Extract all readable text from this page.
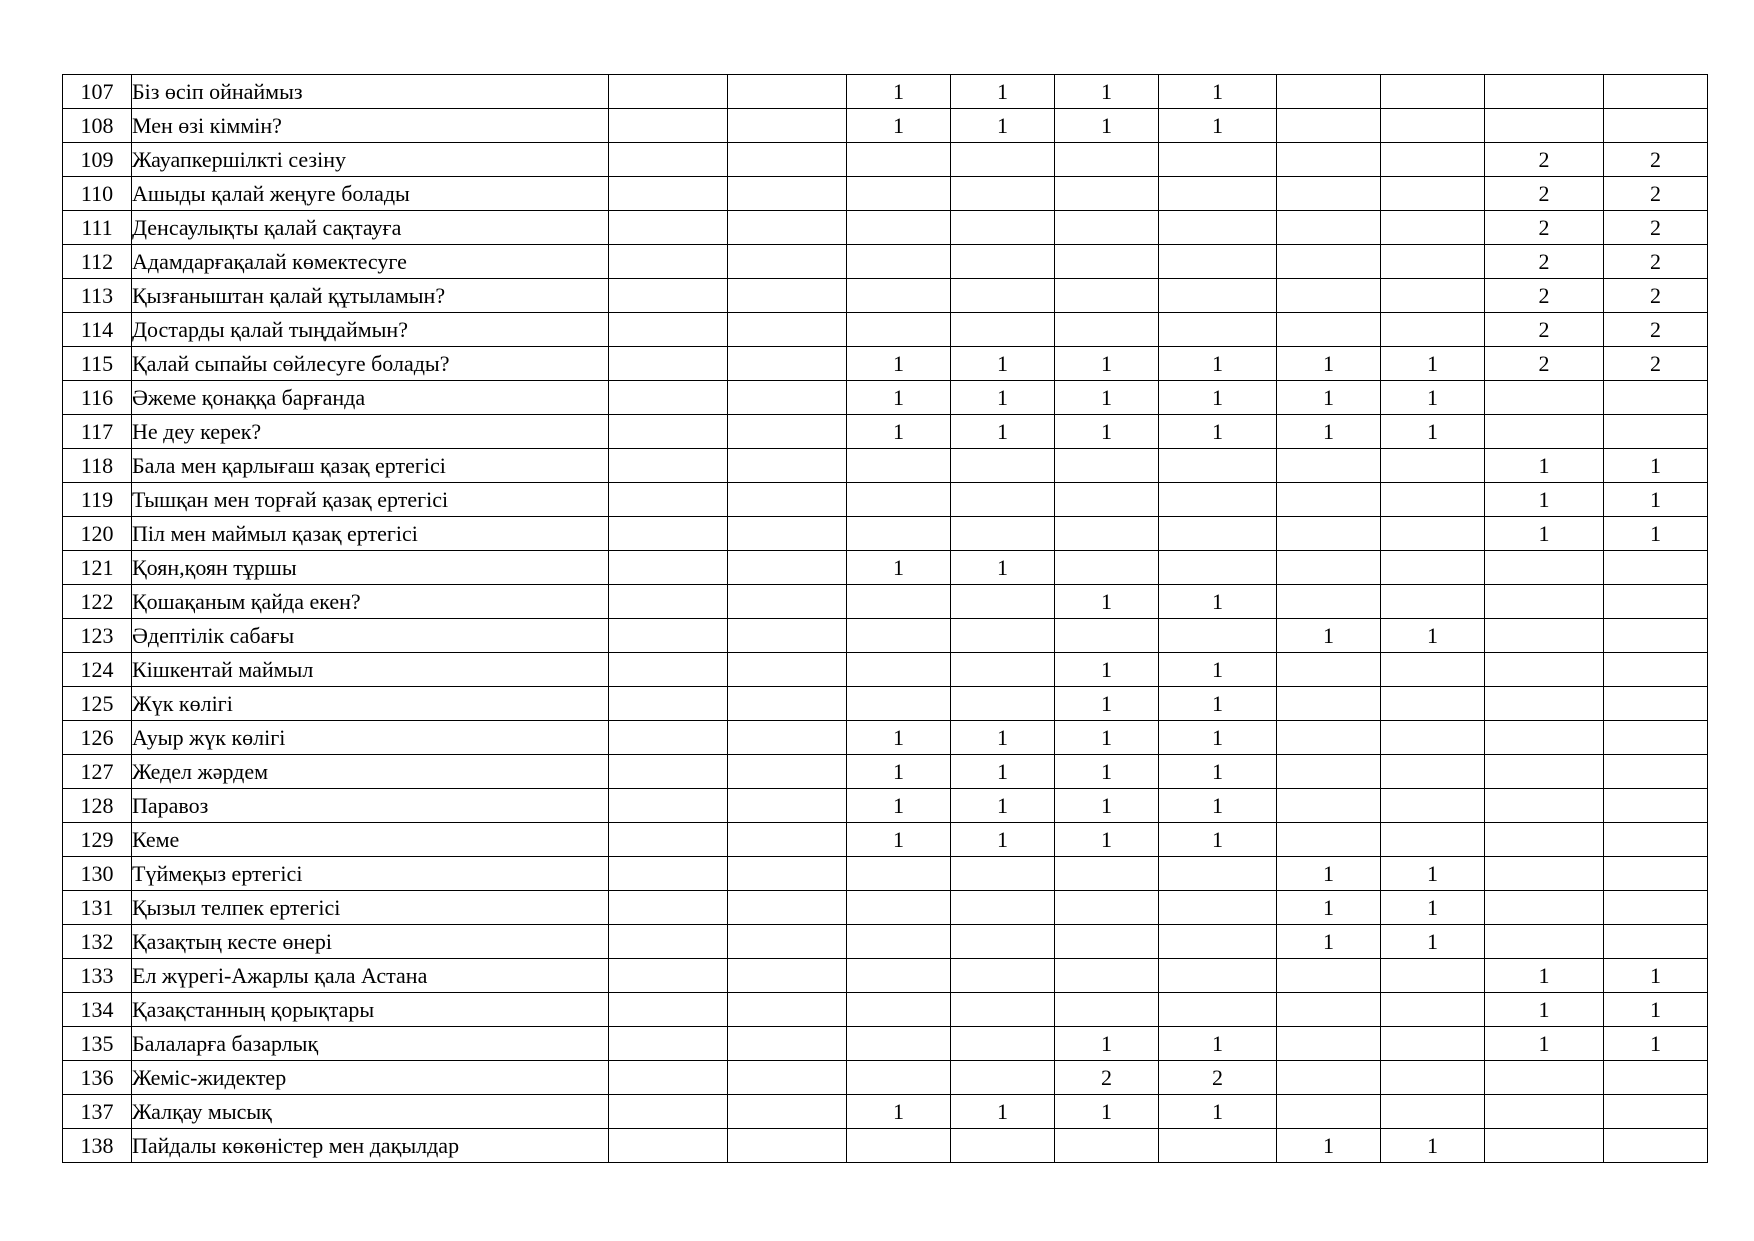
107	Біз өсіп ойнаймыз			1	1	1	1				
108	Мен өзі кіммін?			1	1	1	1				
109	Жауапкершілкті сезіну									2	2
110	Ашыды қалай жеңуге болады									2	2
111	Денсаулықты қалай сақтауға									2	2
112	Адамдарғақалай көмектесуге									2	2
113	Қызғаныштан қалай құтыламын?									2	2
114	Достарды қалай тыңдаймын?									2	2
115	Қалай сыпайы сөйлесуге болады?			1	1	1	1	1	1	2	2
116	Әжеме қонаққа барғанда			1	1	1	1	1	1		
117	Не деу керек?			1	1	1	1	1	1		
118	Бала мен қарлығаш қазақ ертегісі									1	1
119	Тышқан мен торғай қазақ ертегісі									1	1
120	Піл мен маймыл қазақ ертегісі									1	1
121	Қоян,қоян тұршы			1	1						
122	Қошақаным қайда екен?					1	1				
123	Әдептілік сабағы							1	1		
124	Кішкентай маймыл					1	1				
125	Жүк көлігі					1	1				
126	Ауыр жүк көлігі			1	1	1	1				
127	Жедел жәрдем			1	1	1	1				
128	Паравоз			1	1	1	1				
129	Кеме			1	1	1	1				
130	Түймеқыз ертегісі							1	1		
131	Қызыл телпек ертегісі							1	1		
132	Қазақтың кесте өнері							1	1		
133	Ел жүрегі-Ажарлы қала Астана									1	1
134	Қазақстанның қорықтары									1	1
135	Балаларға базарлық					1	1			1	1
136	Жеміс-жидектер					2	2				
137	Жалқау мысық			1	1	1	1				
138	Пайдалы көкөністер мен дақылдар							1	1		
